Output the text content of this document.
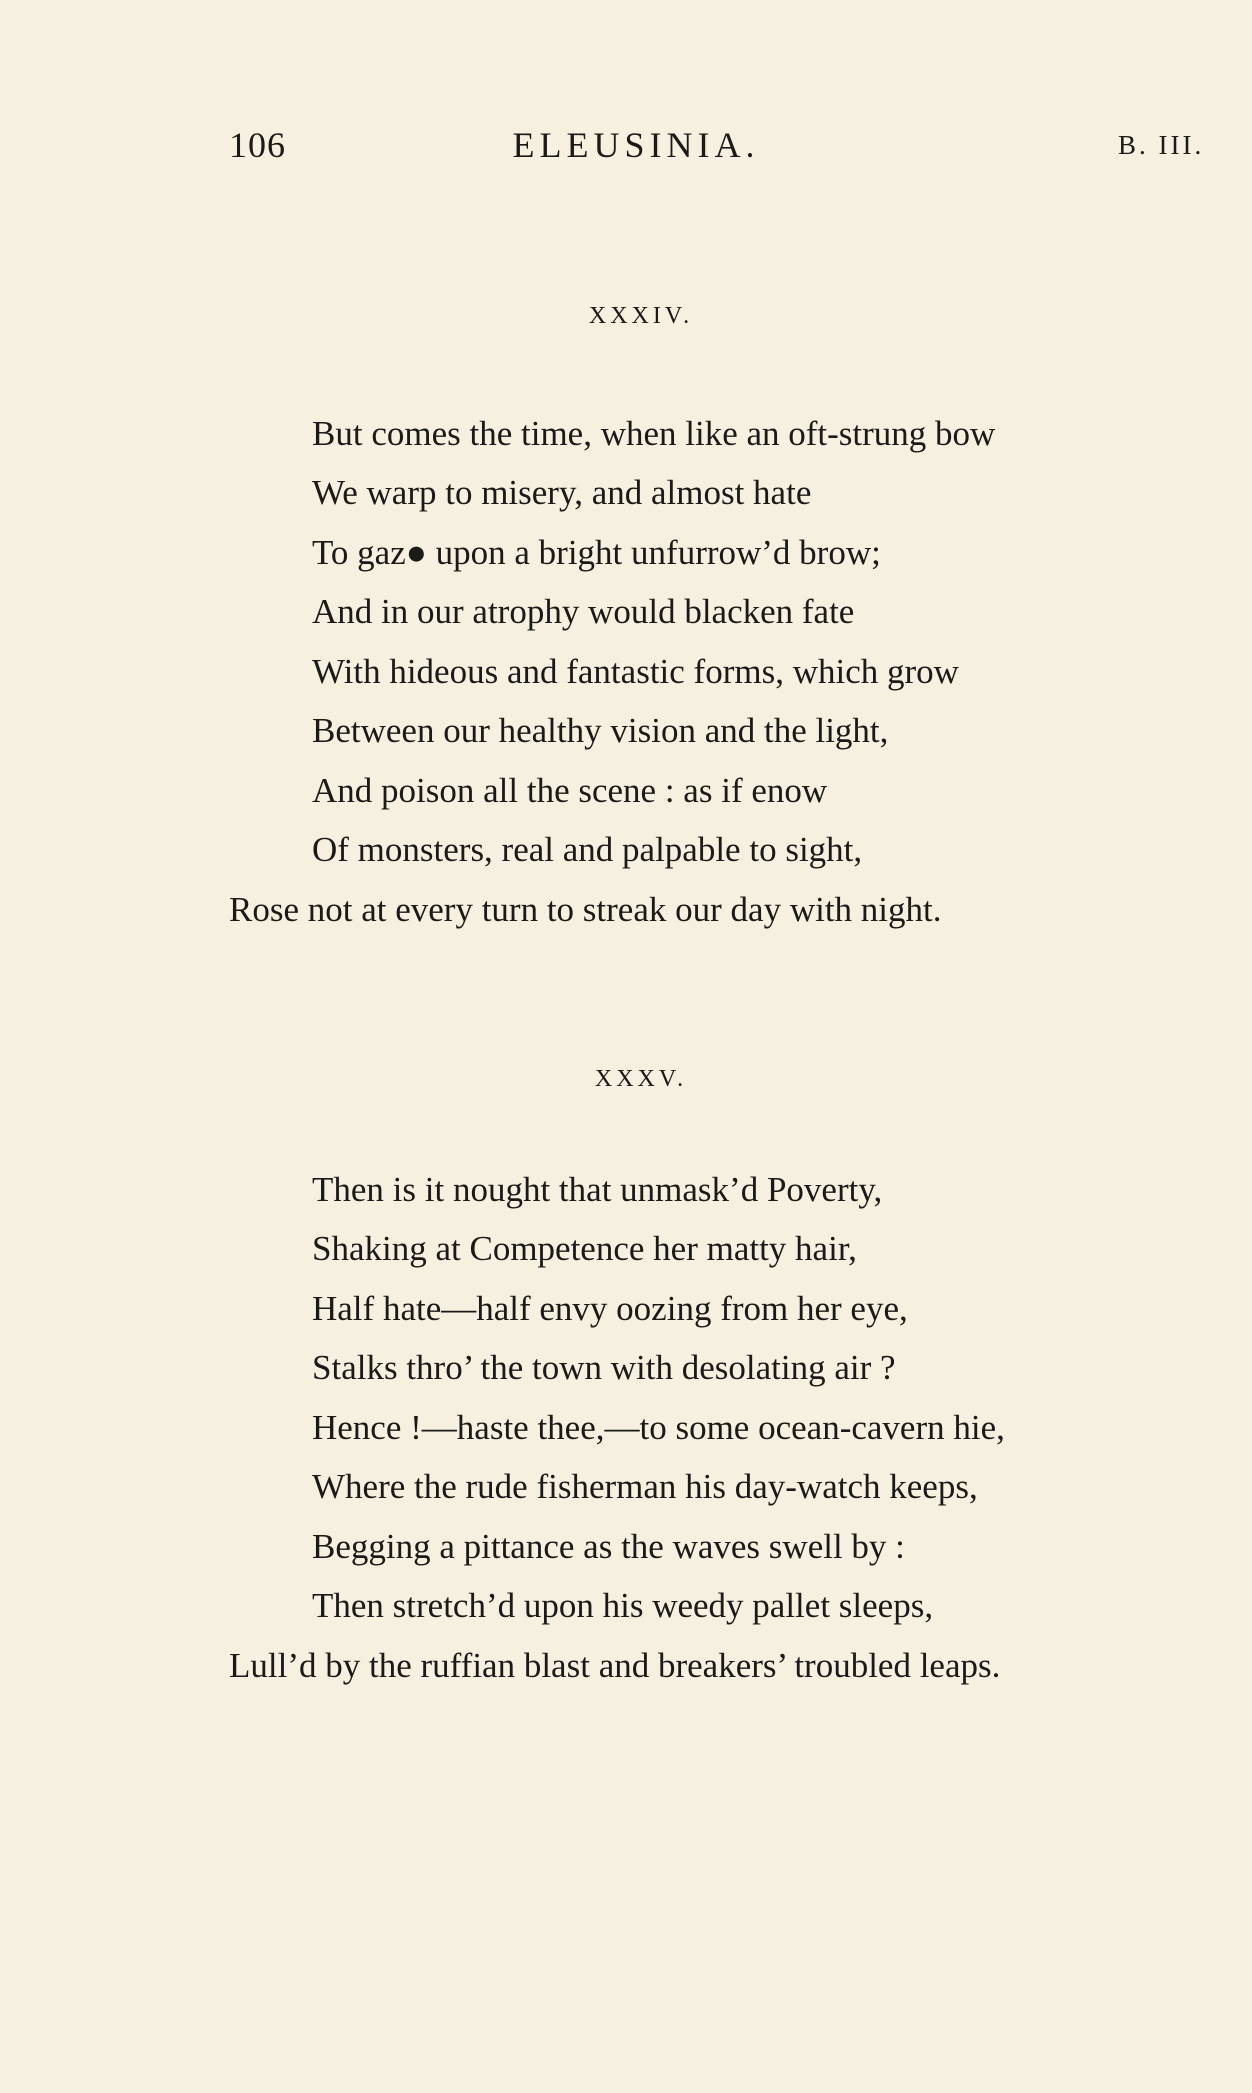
106	ELEUSINIA.	B. III.
XXXIV.
But comes the time, when like an oft-strung bow
We warp to misery, and almost hate
To gaz● upon a bright unfurrow’d brow;
And in our atrophy would blacken fate
With hideous and fantastic forms, which grow
Between our healthy vision and the light,
And poison all the scene : as if enow
Of monsters, real and palpable to sight,
Rose not at every turn to streak our day with night.
XXXV.
Then is it nought that unmask’d Poverty,
Shaking at Competence her matty hair,
Half hate—half envy oozing from her eye,
Stalks thro’ the town with desolating air ?
Hence !—haste thee,—to some ocean-cavern hie,
Where the rude fisherman his day-watch keeps,
Begging a pittance as the waves swell by :
Then stretch’d upon his weedy pallet sleeps,
Lull’d by the ruffian blast and breakers’ troubled leaps.
